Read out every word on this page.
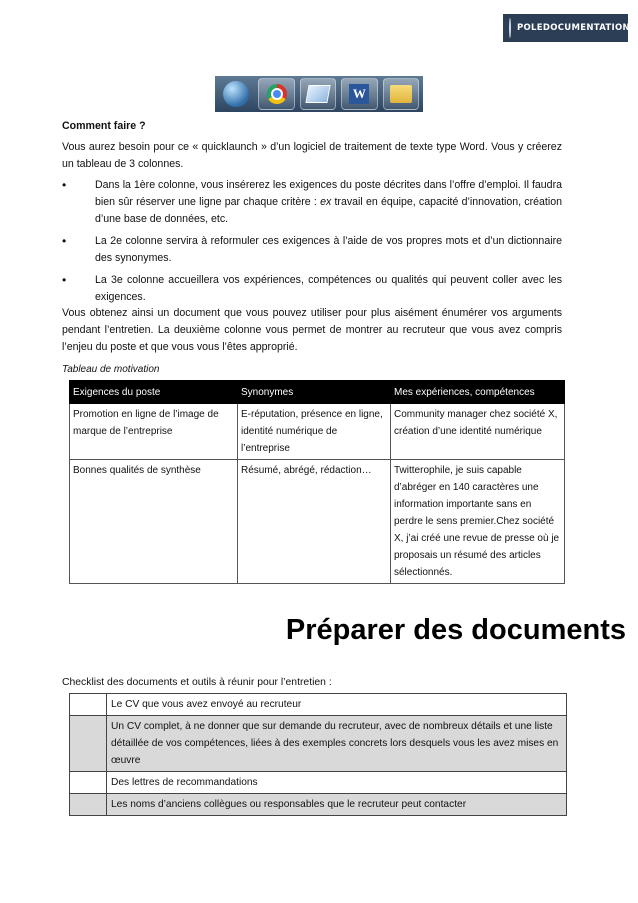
POLEDOCUMENTATION
W
Comment faire ?
Vous aurez besoin pour ce « quicklaunch » d’un logiciel de traitement de texte type Word. Vous y créerez un tableau de 3 colonnes.
• Dans la 1ère colonne, vous insérerez les exigences du poste décrites dans l’offre d’emploi. Il faudra bien sûr réserver une ligne par chaque critère : ex travail en équipe, capacité d’innovation, création d’une base de données, etc.
• La 2e colonne servira à reformuler ces exigences à l’aide de vos propres mots et d’un dictionnaire des synonymes.
• La 3e colonne accueillera vos expériences, compétences ou qualités qui peuvent coller avec les exigences.
Vous obtenez ainsi un document que vous pouvez utiliser pour plus aisément énumérer vos arguments pendant l’entretien. La deuxième colonne vous permet de montrer au recruteur que vous avez compris l’enjeu du poste et que vous vous l’êtes approprié.
Tableau de motivation
Exigences du poste	Synonymes	Mes expériences, compétences
Promotion en ligne de l’image de marque de l’entreprise	E-réputation, présence en ligne, identité numérique de l’entreprise	Community manager chez société X, création d’une identité numérique
Bonnes qualités de synthèse	Résumé, abrégé, rédaction…	Twitterophile, je suis capable d’abréger en 140 caractères une information importante sans en perdre le sens premier.Chez société X, j’ai créé une revue de presse où je proposais un résumé des articles sélectionnés.
Préparer des documents
Checklist des documents et outils à réunir pour l’entretien :
	Le CV que vous avez envoyé au recruteur
	Un CV complet, à ne donner que sur demande du recruteur, avec de nombreux détails et une liste détaillée de vos compétences, liées à des exemples concrets lors desquels vous les avez mises en œuvre
	Des lettres de recommandations
	Les noms d’anciens collègues ou responsables que le recruteur peut contacter
